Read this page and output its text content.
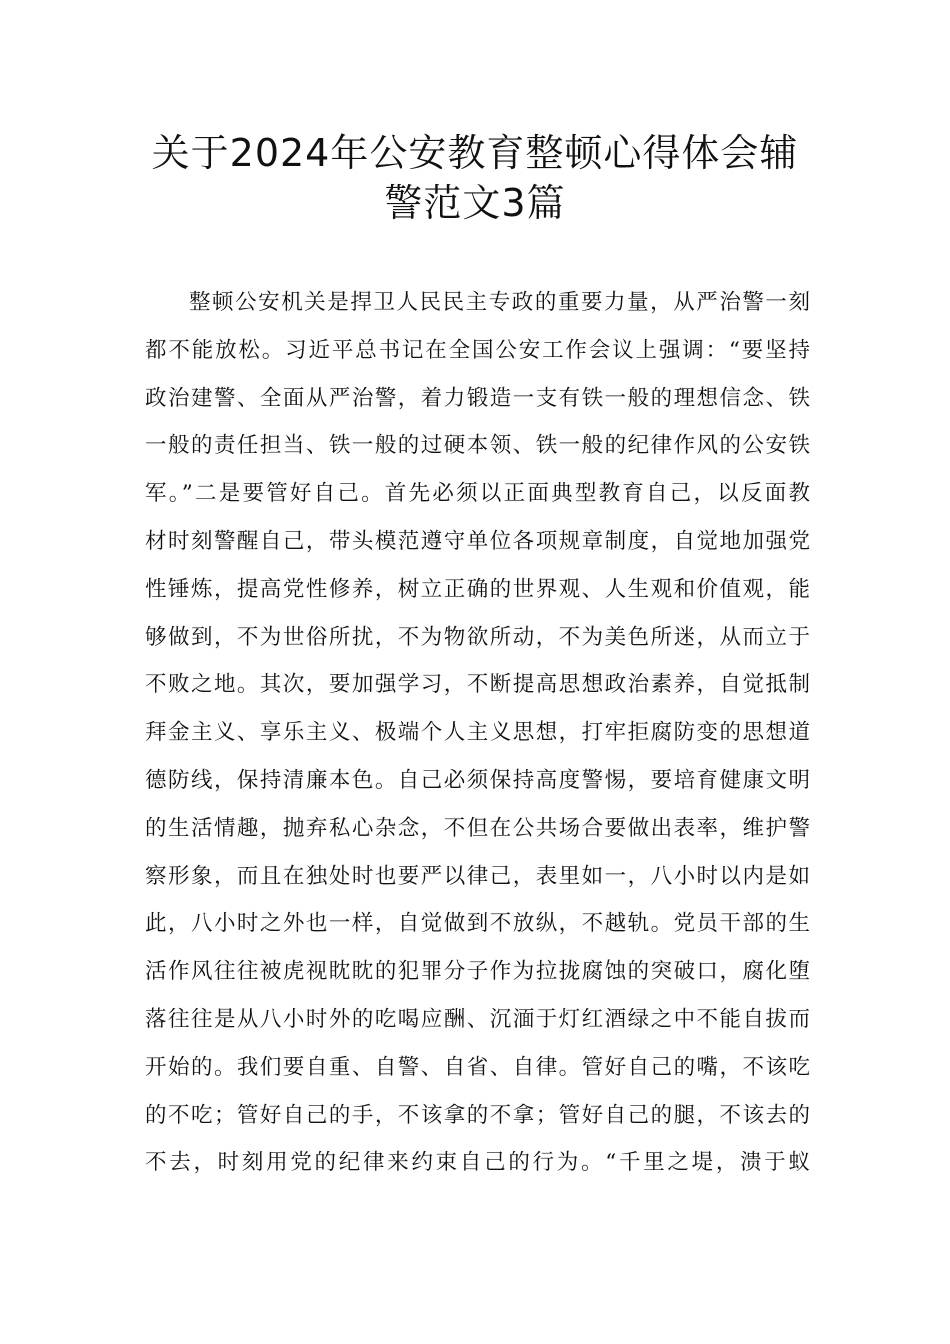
关于2024年公安教育整顿心得体会辅
警范文3篇
整顿公安机关是捍卫人民民主专政的重要力量，从严治警一刻
都不能放松。习近平总书记在全国公安工作会议上强调：“要坚持
政治建警、全面从严治警，着力锻造一支有铁一般的理想信念、铁
一般的责任担当、铁一般的过硬本领、铁一般的纪律作风的公安铁
军。”二是要管好自己。首先必须以正面典型教育自己，以反面教
材时刻警醒自己，带头模范遵守单位各项规章制度，自觉地加强党
性锤炼，提高党性修养，树立正确的世界观、人生观和价值观，能
够做到，不为世俗所扰，不为物欲所动，不为美色所迷，从而立于
不败之地。其次，要加强学习，不断提高思想政治素养，自觉抵制
拜金主义、享乐主义、极端个人主义思想，打牢拒腐防变的思想道
德防线，保持清廉本色。自己必须保持高度警惕，要培育健康文明
的生活情趣，抛弃私心杂念，不但在公共场合要做出表率，维护警
察形象，而且在独处时也要严以律己，表里如一，八小时以内是如
此，八小时之外也一样，自觉做到不放纵，不越轨。党员干部的生
活作风往往被虎视眈眈的犯罪分子作为拉拢腐蚀的突破口，腐化堕
落往往是从八小时外的吃喝应酬、沉湎于灯红酒绿之中不能自拔而
开始的。我们要自重、自警、自省、自律。管好自己的嘴，不该吃
的不吃；管好自己的手，不该拿的不拿；管好自己的腿，不该去的
不去，时刻用党的纪律来约束自己的行为。“千里之堤，溃于蚁
